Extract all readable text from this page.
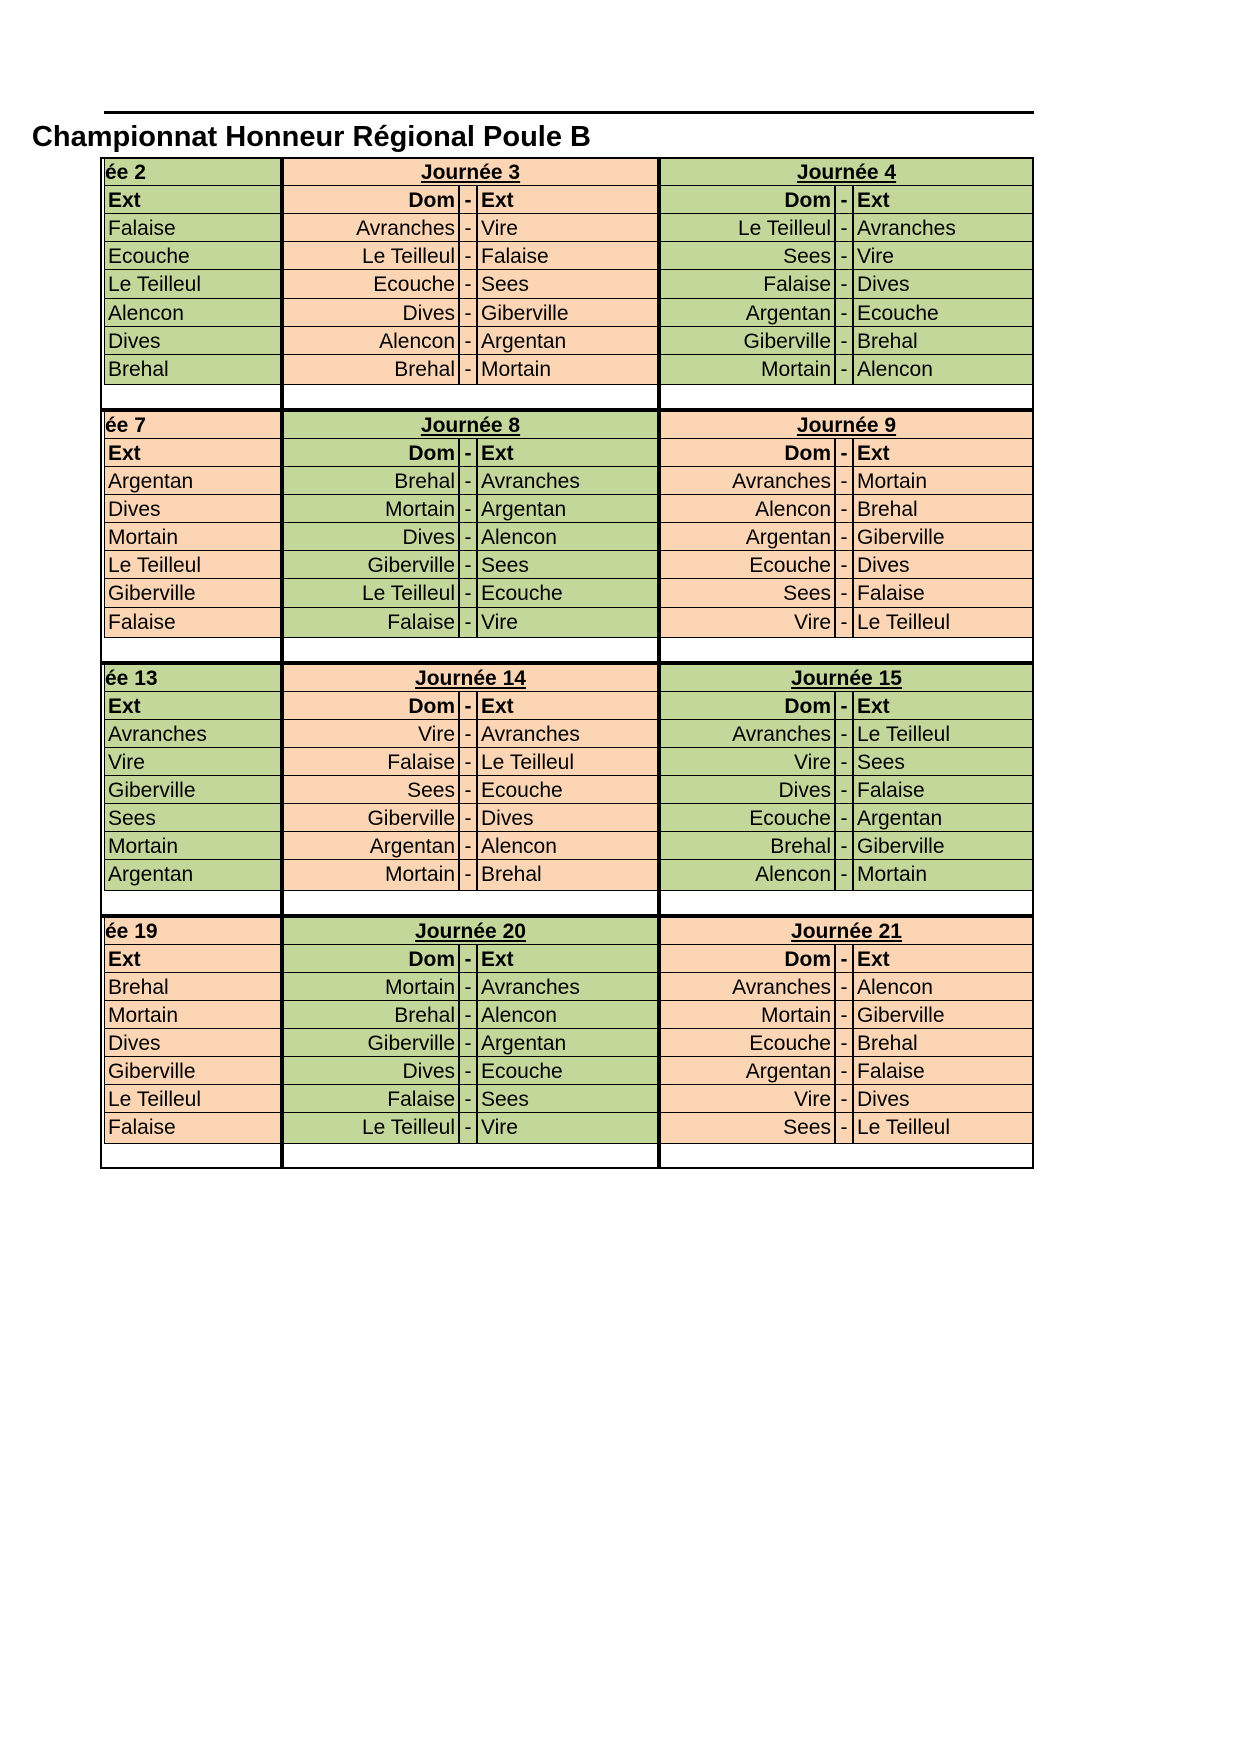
Championnat Honneur Régional Poule B
ée 2
Ext
Falaise
Ecouche
Le Teilleul
Alencon
Dives
Brehal
Journée 3
Dom - Ext
Avranches - Vire
Le Teilleul - Falaise
Ecouche - Sees
Dives - Giberville
Alencon - Argentan
Brehal - Mortain
Journée 4
Dom - Ext
Le Teilleul - Avranches
Sees - Vire
Falaise - Dives
Argentan - Ecouche
Giberville - Brehal
Mortain - Alencon
ée 7
Ext
Argentan
Dives
Mortain
Le Teilleul
Giberville
Falaise
Journée 8
Dom - Ext
Brehal - Avranches
Mortain - Argentan
Dives - Alencon
Giberville - Sees
Le Teilleul - Ecouche
Falaise - Vire
Journée 9
Dom - Ext
Avranches - Mortain
Alencon - Brehal
Argentan - Giberville
Ecouche - Dives
Sees - Falaise
Vire - Le Teilleul
ée 13
Ext
Avranches
Vire
Giberville
Sees
Mortain
Argentan
Journée 14
Dom - Ext
Vire - Avranches
Falaise - Le Teilleul
Sees - Ecouche
Giberville - Dives
Argentan - Alencon
Mortain - Brehal
Journée 15
Dom - Ext
Avranches - Le Teilleul
Vire - Sees
Dives - Falaise
Ecouche - Argentan
Brehal - Giberville
Alencon - Mortain
ée 19
Ext
Brehal
Mortain
Dives
Giberville
Le Teilleul
Falaise
Journée 20
Dom - Ext
Mortain - Avranches
Brehal - Alencon
Giberville - Argentan
Dives - Ecouche
Falaise - Sees
Le Teilleul - Vire
Journée 21
Dom - Ext
Avranches - Alencon
Mortain - Giberville
Ecouche - Brehal
Argentan - Falaise
Vire - Dives
Sees - Le Teilleul
